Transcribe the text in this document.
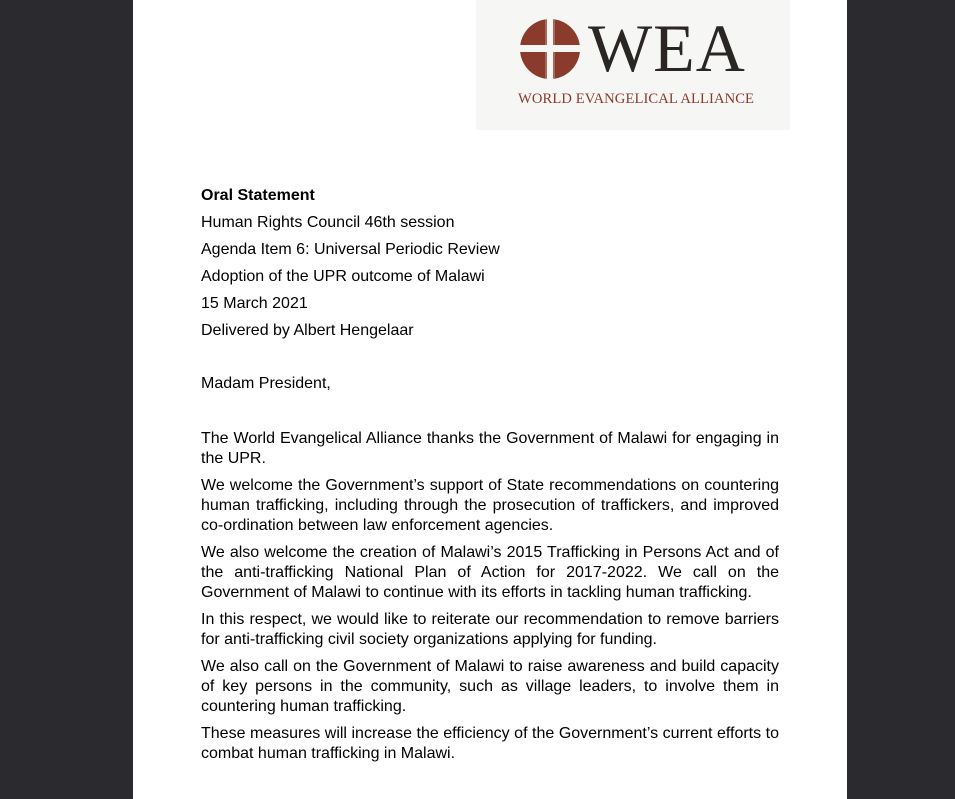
WEA
WORLD EVANGELICAL ALLIANCE
Oral Statement
Human Rights Council 46th session
Agenda Item 6: Universal Periodic Review
Adoption of the UPR outcome of Malawi
15 March 2021
Delivered by Albert Hengelaar
Madam President,

The World Evangelical Alliance thanks the Government of Malawi for engaging in the UPR.

We welcome the Government’s support of State recommendations on countering human trafficking, including through the prosecution of traffickers, and improved co-ordination between law enforcement agencies.

We also welcome the creation of Malawi’s 2015 Trafficking in Persons Act and of the anti-trafficking National Plan of Action for 2017-2022. We call on the Government of Malawi to continue with its efforts in tackling human trafficking.

In this respect, we would like to reiterate our recommendation to remove barriers for anti-trafficking civil society organizations applying for funding.

We also call on the Government of Malawi to raise awareness and build capacity of key persons in the community, such as village leaders, to involve them in countering human trafficking.

These measures will increase the efficiency of the Government’s current efforts to combat human trafficking in Malawi.
